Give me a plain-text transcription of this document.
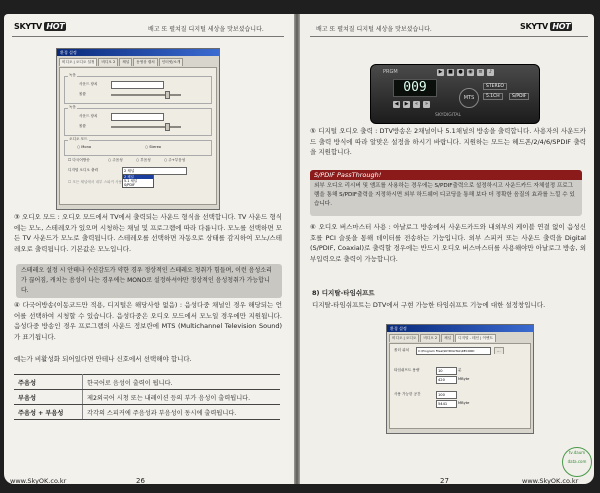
SKYTV HOT	배고 또 펼쳐질 디지털 세상을 맛보셨습니다.
환경 설정
비디오 | 오디오 설정	비디오 2	채널	동영상 캡처	인터넷/소개
녹음
사운드 장치
볼륨
녹음
사운드 장치
볼륨
오디오 모드
○ Mono	○ Stereo
☐ 다국어방송	○ 주음성	○ 부음성	○ 주+부음성
디지털 오디오 출력	2 채널
2 채널
5.1 채널
S/PDIF
☐ 모든 채널에서 내부 스피커 사용
③ 오디오 모드 : 오디오 모드에서 TV에서 출력되는 사운드 형식을 선택합니다. TV 사운드 형식에는 모노, 스테레오가 있으며 시청하는 채널 및 프로그램에 따라 다릅니다. 모노를 선택하면 모든 TV 사운드가 모노로 출력됩니다. 스테레오를 선택하면 자동으로 상태를 감지하여 모노/스테레오로 출력됩니다. 기본값은 모노입니다.
스테레오 설정 시 안테나 수신감도가 약한 경우 정상적인 스테레오 청취가 힘들며, 이런 음성소리가 끊어짐, 캐치는 음성이 나는 경우에는 MONO로 설정하셔야만 정상적인 음성청취가 가능합니다.
④ 다국어방송(이동코드만 적용, 디지털은 해당사항 없음) : 음성다중 채널인 경우 해당되는 언어를 선택하여 시청할 수 있습니다. 음성다중은 오디오 모드에서 모노일 경우에만 지원됩니다. 음성다중 방송인 경우 프로그램의 사운드 정보란에 MTS (Multichannel Television Sound)가 표기됩니다.
예는가 비활성화 되어있다면 안테나 신호에서 선택해야 합니다.
주음성	한국어로 음성이 출력이 됩니다.
부음성	제2외국어 시청 또는 내레이션 등의 부가 음성이 출력됩니다.
주음성 + 부음성	각각의 스피커에 주음성과 부음성이 동시에 출력됩니다.
www.SkyOK.co.kr	26
배고 또 펼쳐질 디지털 세상을 맛보셨습니다.	SKYTV HOT
PRGM
009
▶	■ ● ◉ ≡	♪
◀	▶	«	»
MTS
STEREO
5.1CH	S/PDIF
SKYDIGITAL
⑤ 디지털 오디오 출력 : DTV방송은 2채널이나 5.1채널의 방송을 출력합니다. 사용자의 사운드카드 출력 방식에 따라 알맞은 설정을 하시기 바랍니다. 지원하는 모드는 헤드폰/2/4/6/SPDIF 출력을 지원합니다.
S/PDIF PassThrough!
외부 오디오 리시버 및 앰프를 사용하는 경우에는 S/PDIF출력으로 설정하시고 사운드카드 자체설정 프로그램을 통해 S/PDIF출력을 지정하시면 외부 하드웨어 디코딩을 통해 보다 더 정확한 음질의 효과를 느낄 수 있습니다.
⑥ 오디오 버스마스터 사용 : 아날로그 방송에서 사운드카드와 내외부의 케이블 연결 없이 음성신호를 PCI 슬롯을 통해 데이터를 전송하는 기능입니다. 외부 스피커 또는 사운드 출력을 Digital (S/PDIF, Coaxial)로 출력할 경우에는 반드시 오디오 버스마스터를 사용해야만 아날로그 방송, 외부입력으로 출력이 가능합니다.
8) 디지탈-타임쉬프트
디지탈-타임쉬프트는 DTV에서 구현 가능한 타임쉬프트 기능에 대한 설정창입니다.
환경 설정
비디오 | 오디오	비디오 2	채널	디지털 - 테인 | 이벤트
폴더 위치	C:\Program Files\SKYDIGITAL\RECORD	…
타임쉬프트 용량	10	분
420	MByte
사용 가능한 공간	100
5441	MByte
tv.daum data.com
27	www.SkyOK.co.kr
